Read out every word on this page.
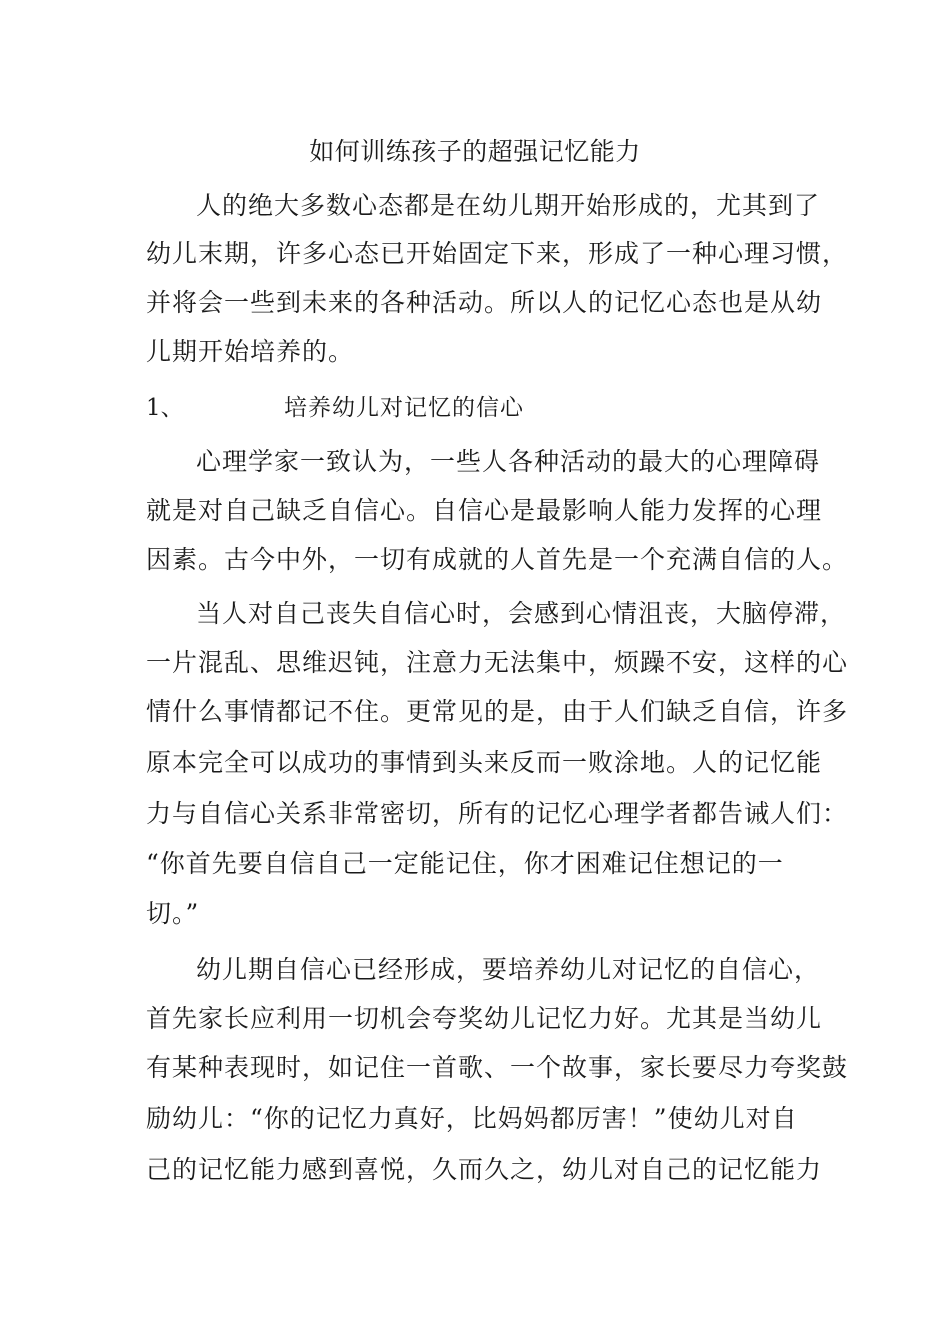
如何训练孩子的超强记忆能力
人的绝大多数心态都是在幼儿期开始形成的，尤其到了
幼儿末期，许多心态已开始固定下来，形成了一种心理习惯，
并将会一些到未来的各种活动。所以人的记忆心态也是从幼
儿期开始培养的。
1、	培养幼儿对记忆的信心
心理学家一致认为，一些人各种活动的最大的心理障碍
就是对自己缺乏自信心。自信心是最影响人能力发挥的心理
因素。古今中外，一切有成就的人首先是一个充满自信的人。
当人对自己丧失自信心时，会感到心情沮丧，大脑停滞，
一片混乱、思维迟钝，注意力无法集中，烦躁不安，这样的心
情什么事情都记不住。更常见的是，由于人们缺乏自信，许多
原本完全可以成功的事情到头来反而一败涂地。人的记忆能
力与自信心关系非常密切，所有的记忆心理学者都告诫人们：
“你首先要自信自己一定能记住，你才困难记住想记的一
切。”
幼儿期自信心已经形成，要培养幼儿对记忆的自信心，
首先家长应利用一切机会夸奖幼儿记忆力好。尤其是当幼儿
有某种表现时，如记住一首歌、一个故事，家长要尽力夸奖鼓
励幼儿：“你的记忆力真好，比妈妈都厉害！”使幼儿对自
己的记忆能力感到喜悦，久而久之，幼儿对自己的记忆能力
